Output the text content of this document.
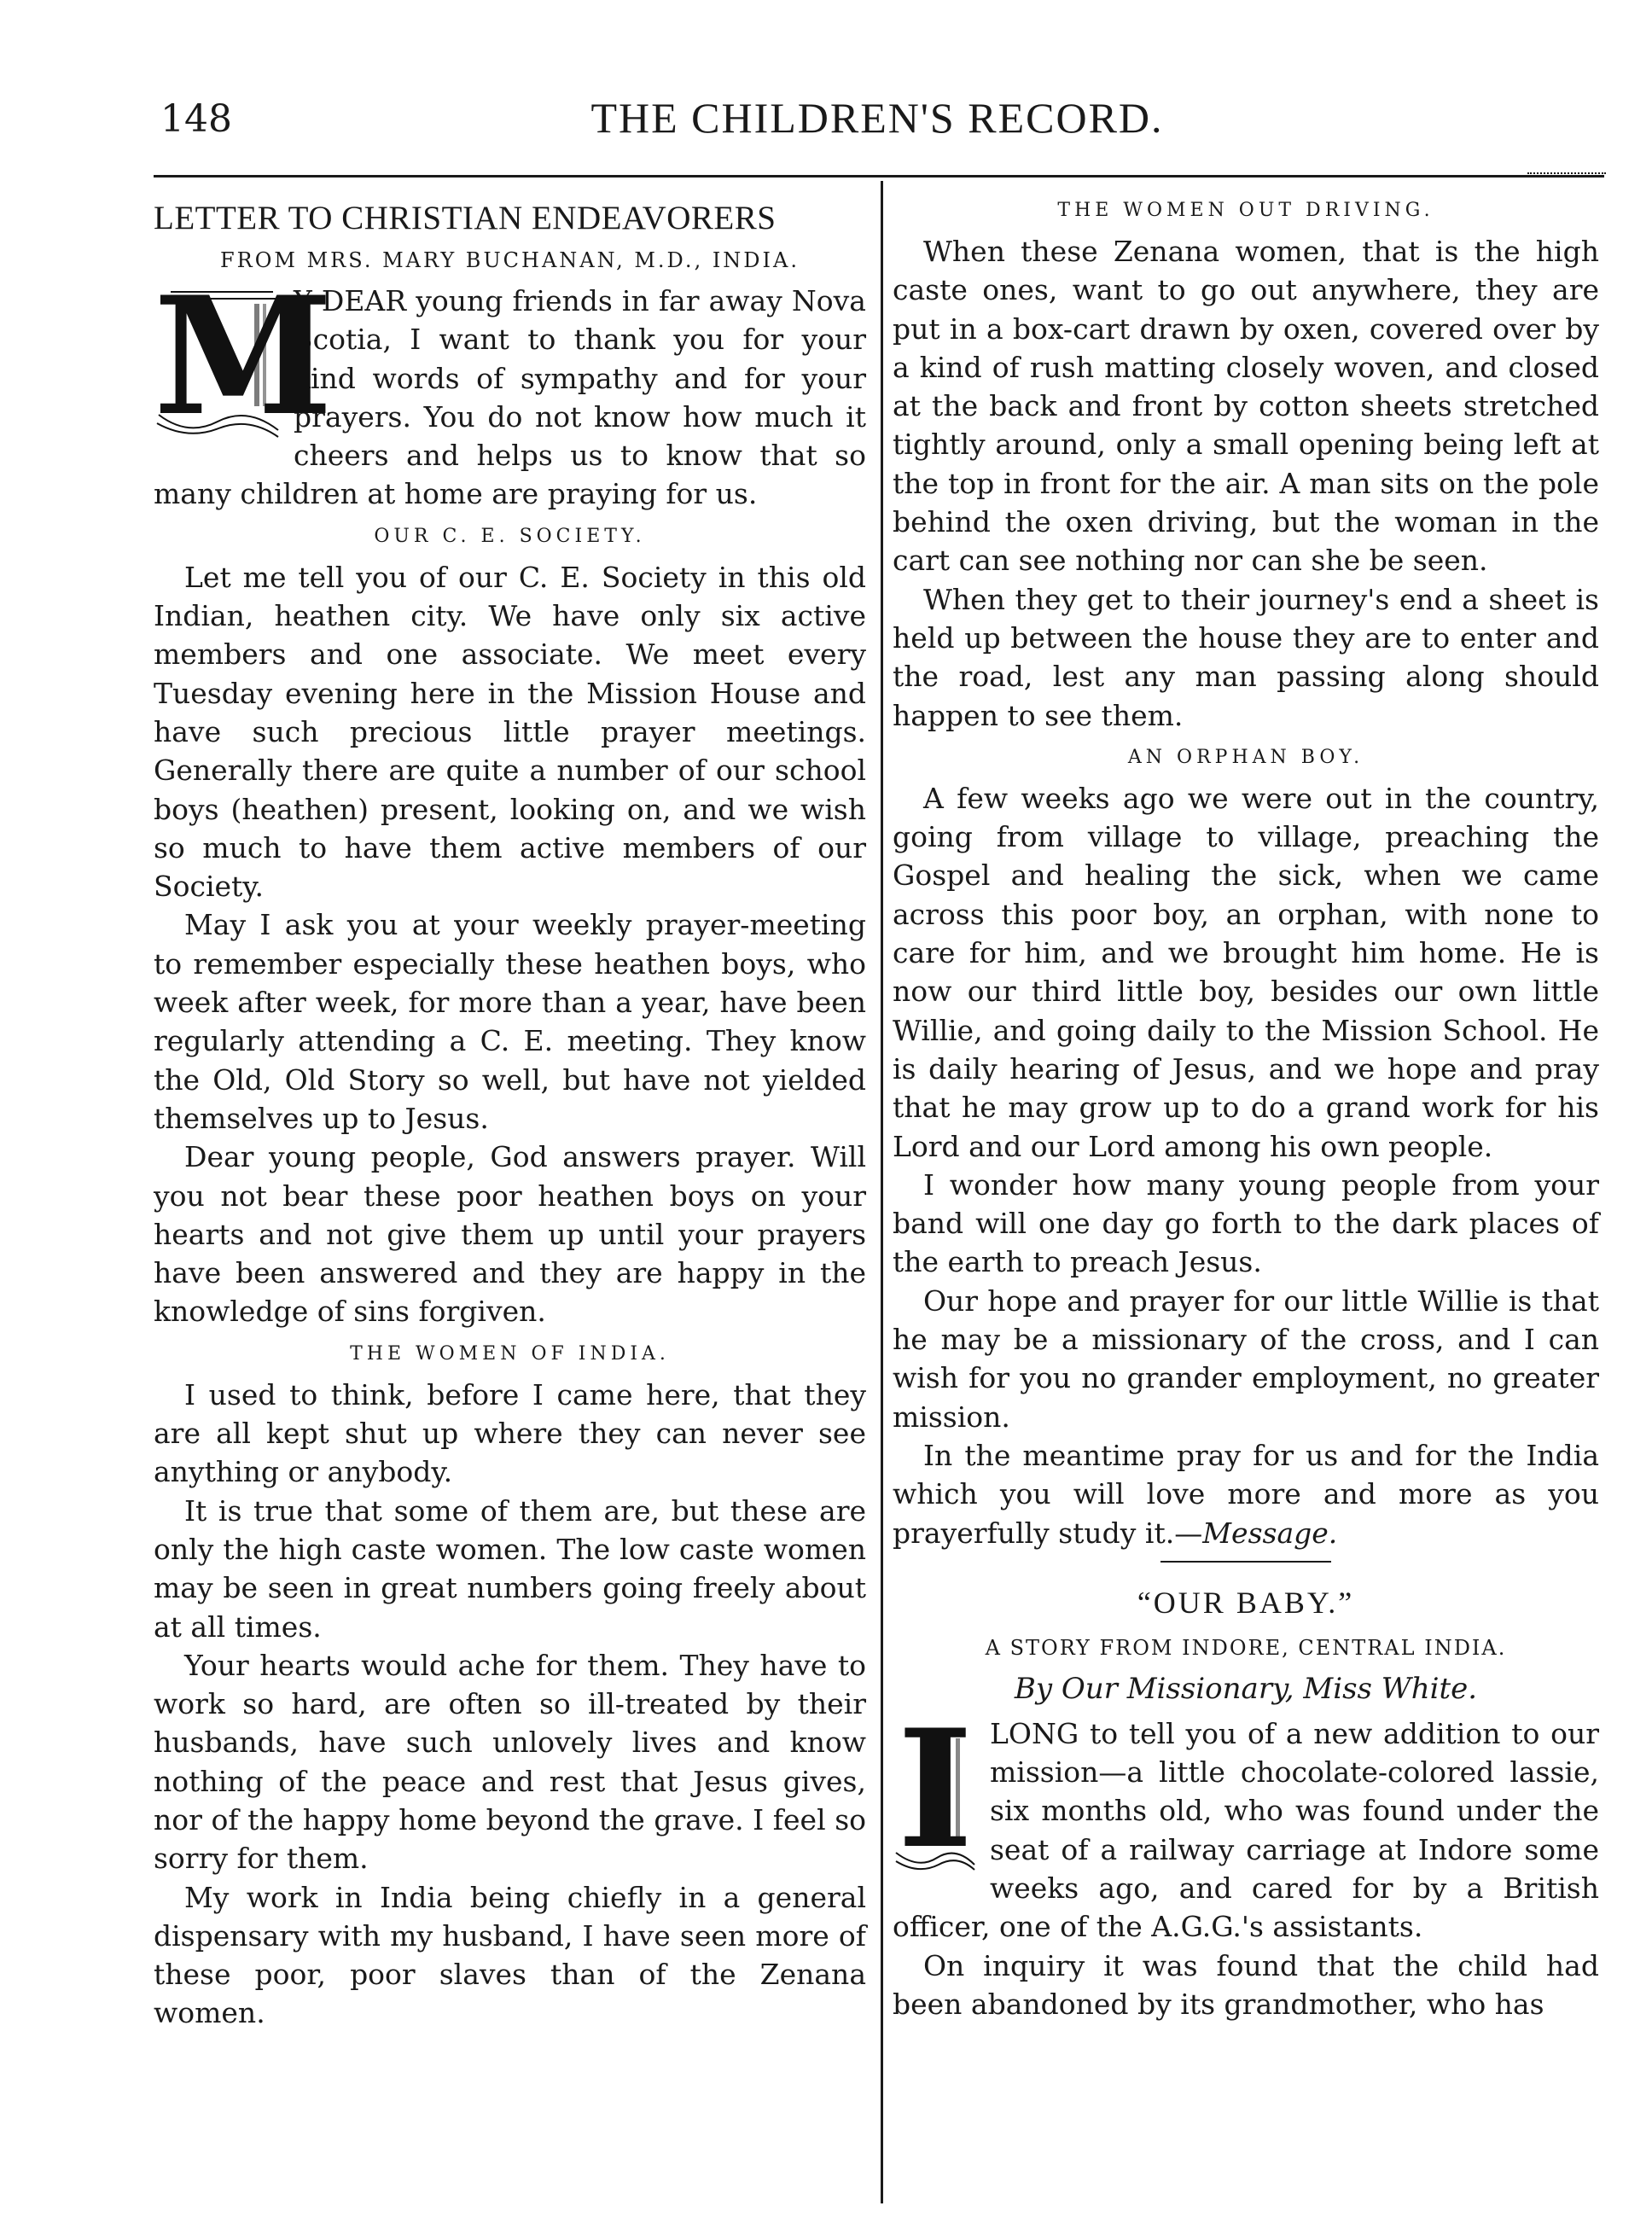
148	THE CHILDREN'S RECORD.
LETTER TO CHRISTIAN ENDEAVORERS
FROM MRS. MARY BUCHANAN, M.D., INDIA.
M

Y DEAR young friends in far away Nova Scotia, I want to thank you for your kind words of sympathy and for your prayers. You do not know how much it cheers and helps us to know that so many children at home are praying for us.

OUR C. E. SOCIETY.

Let me tell you of our C. E. Society in this old Indian, heathen city. We have only six active members and one associate. We meet every Tuesday evening here in the Mission House and have such precious little prayer meetings. Generally there are quite a number of our school boys (heathen) present, looking on, and we wish so much to have them active members of our Society.

May I ask you at your weekly prayer-meeting to remember especially these heathen boys, who week after week, for more than a year, have been regularly attending a C. E. meeting. They know the Old, Old Story so well, but have not yielded themselves up to Jesus.

Dear young people, God answers prayer. Will you not bear these poor heathen boys on your hearts and not give them up until your prayers have been answered and they are happy in the knowledge of sins forgiven.

THE WOMEN OF INDIA.

I used to think, before I came here, that they are all kept shut up where they can never see anything or anybody.

It is true that some of them are, but these are only the high caste women. The low caste women may be seen in great numbers going freely about at all times.

Your hearts would ache for them. They have to work so hard, are often so ill-treated by their husbands, have such unlovely lives and know nothing of the peace and rest that Jesus gives, nor of the happy home beyond the grave. I feel so sorry for them.

My work in India being chiefly in a general dispensary with my husband, I have seen more of these poor, poor slaves than of the Zenana women.

THE WOMEN OUT DRIVING.

When these Zenana women, that is the high caste ones, want to go out anywhere, they are put in a box-cart drawn by oxen, covered over by a kind of rush matting closely woven, and closed at the back and front by cotton sheets stretched tightly around, only a small opening being left at the top in front for the air. A man sits on the pole behind the oxen driving, but the woman in the cart can see nothing nor can she be seen.

When they get to their journey's end a sheet is held up between the house they are to enter and the road, lest any man passing along should happen to see them.

AN ORPHAN BOY.

A few weeks ago we were out in the country, going from village to village, preaching the Gospel and healing the sick, when we came across this poor boy, an orphan, with none to care for him, and we brought him home. He is now our third little boy, besides our own little Willie, and going daily to the Mission School. He is daily hearing of Jesus, and we hope and pray that he may grow up to do a grand work for his Lord and our Lord among his own people.

I wonder how many young people from your band will one day go forth to the dark places of the earth to preach Jesus.

Our hope and prayer for our little Willie is that he may be a missionary of the cross, and I can wish for you no grander employment, no greater mission.

In the meantime pray for us and for the India which you will love more and more as you prayerfully study it.—Message.

“OUR BABY.”
A STORY FROM INDORE, CENTRAL INDIA.
By Our Missionary, Miss White.
I LONG to tell you of a new addition to our mission—a little chocolate-colored lassie, six months old, who was found under the seat of a railway carriage at Indore some weeks ago, and cared for by a British officer, one of the A.G.G.'s assistants.

On inquiry it was found that the child had been abandoned by its grandmother, who has
